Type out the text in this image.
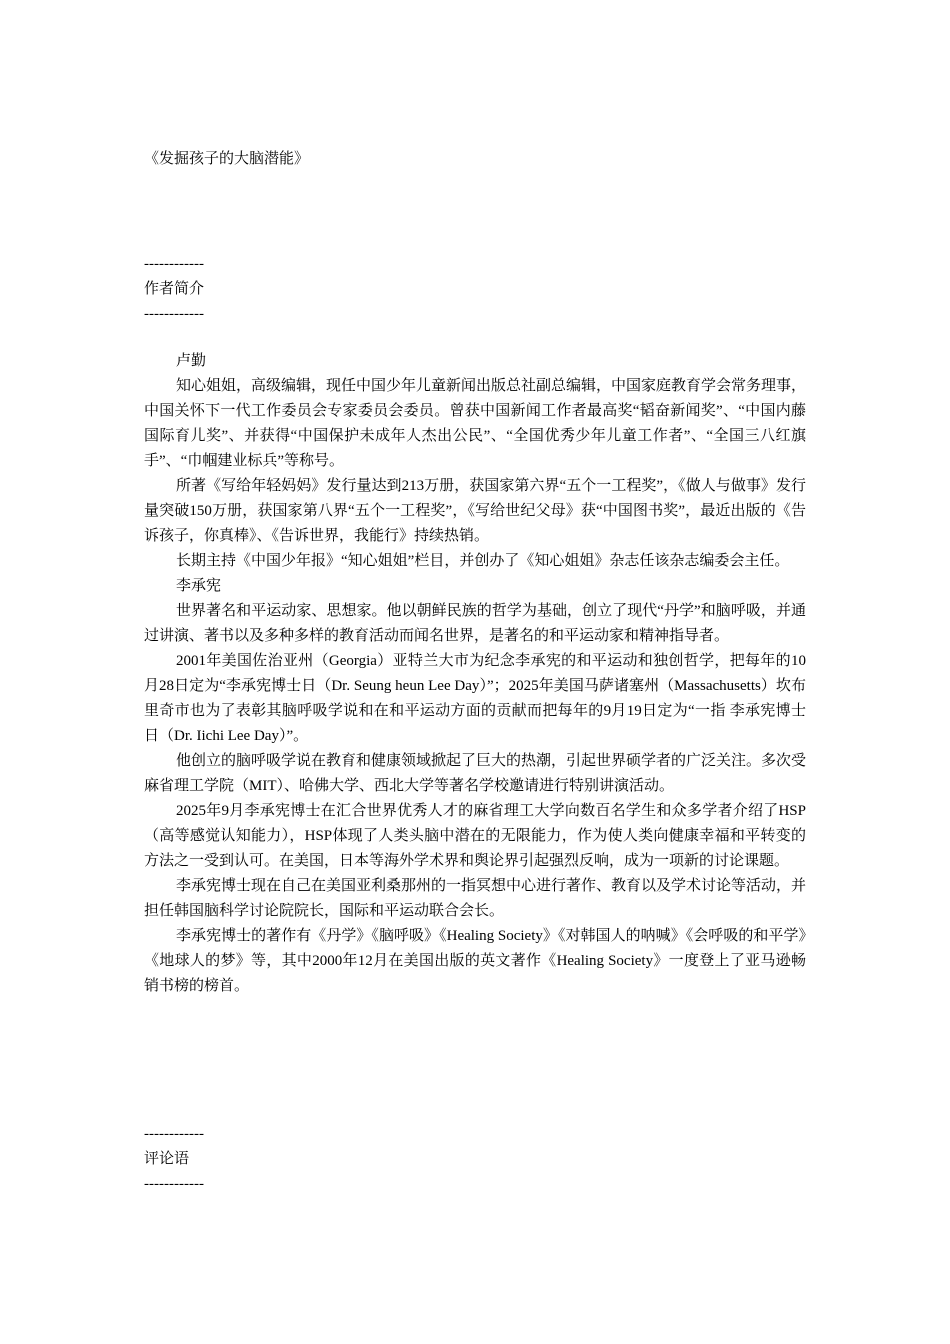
《发掘孩子的大脑潜能》
------------
作者简介
------------

卢勤

知心姐姐，高级编辑，现任中国少年儿童新闻出版总社副总编辑，中国家庭教育学会常务理事，中国关怀下一代工作委员会专家委员会委员。曾获中国新闻工作者最高奖“韬奋新闻奖”、“中国内藤国际育儿奖”、并获得“中国保护未成年人杰出公民”、“全国优秀少年儿童工作者”、“全国三八红旗手”、“巾帼建业标兵”等称号。

所著《写给年轻妈妈》发行量达到213万册，获国家第六界“五个一工程奖”，《做人与做事》发行量突破150万册，获国家第八界“五个一工程奖”，《写给世纪父母》获“中国图书奖”，最近出版的《告诉孩子，你真棒》、《告诉世界，我能行》持续热销。

长期主持《中国少年报》“知心姐姐”栏目，并创办了《知心姐姐》杂志任该杂志编委会主任。

李承宪

世界著名和平运动家、思想家。他以朝鲜民族的哲学为基础，创立了现代“丹学”和脑呼吸，并通过讲演、著书以及多种多样的教育活动而闻名世界，是著名的和平运动家和精神指导者。

2001年美国佐治亚州（Georgia）亚特兰大市为纪念李承宪的和平运动和独创哲学，把每年的10月28日定为“李承宪博士日（Dr. Seung heun Lee Day）”；2025年美国马萨诸塞州（Massachusetts）坎布里奇市也为了表彰其脑呼吸学说和在和平运动方面的贡献而把每年的9月19日定为“一指 李承宪博士日（Dr. Iichi Lee Day）”。

他创立的脑呼吸学说在教育和健康领域掀起了巨大的热潮，引起世界硕学者的广泛关注。多次受麻省理工学院（MIT）、哈佛大学、西北大学等著名学校邀请进行特别讲演活动。

2025年9月李承宪博士在汇合世界优秀人才的麻省理工大学向数百名学生和众多学者介绍了HSP（高等感觉认知能力），HSP体现了人类头脑中潜在的无限能力，作为使人类向健康幸福和平转变的方法之一受到认可。在美国，日本等海外学术界和舆论界引起强烈反响，成为一项新的讨论课题。

李承宪博士现在自己在美国亚利桑那州的一指冥想中心进行著作、教育以及学术讨论等活动，并担任韩国脑科学讨论院院长，国际和平运动联合会长。

李承宪博士的著作有《丹学》《脑呼吸》《Healing Society》《对韩国人的呐喊》《会呼吸的和平学》《地球人的梦》等，其中2000年12月在美国出版的英文著作《Healing Society》一度登上了亚马逊畅销书榜的榜首。

------------
评论语
------------
